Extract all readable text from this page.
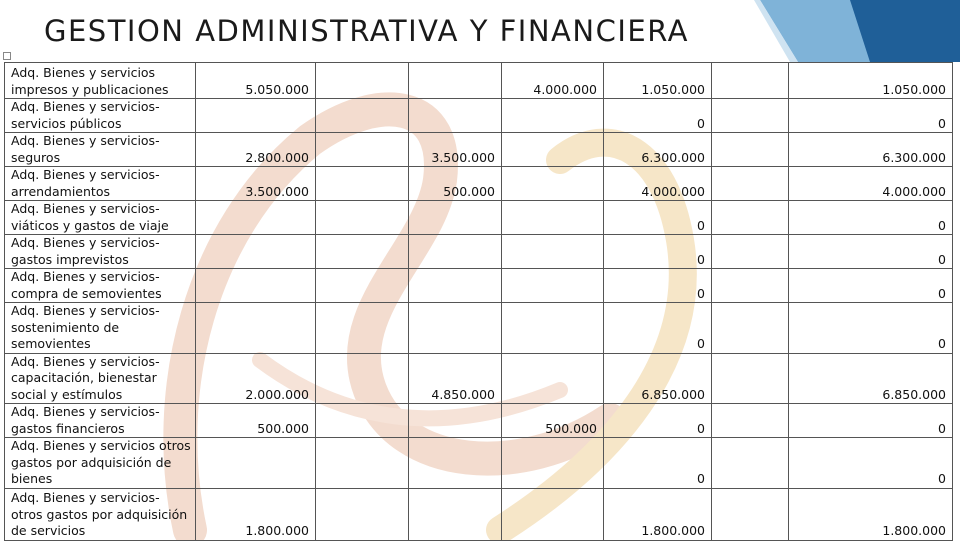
GESTION ADMINISTRATIVA Y FINANCIERA
Adq. Bienes y servicios impresos y publicaciones	5.050.000			4.000.000	1.050.000		1.050.000
Adq. Bienes y servicios-servicios públicos					0		0
Adq. Bienes y servicios-seguros	2.800.000		3.500.000		6.300.000		6.300.000
Adq. Bienes y servicios-arrendamientos	3.500.000		500.000		4.000.000		4.000.000
Adq. Bienes y servicios-viáticos y gastos de viaje					0		0
Adq. Bienes y servicios-gastos imprevistos					0		0
Adq. Bienes y servicios-compra de semovientes					0		0
Adq. Bienes y servicios-sostenimiento de semovientes					0		0
Adq. Bienes y servicios-capacitación, bienestar social y estímulos	2.000.000		4.850.000		6.850.000		6.850.000
Adq. Bienes y servicios-gastos financieros	500.000			500.000	0		0
Adq. Bienes y servicios otros gastos por adquisición de bienes					0		0
Adq. Bienes y servicios-otros gastos por adquisición de servicios	1.800.000				1.800.000		1.800.000
